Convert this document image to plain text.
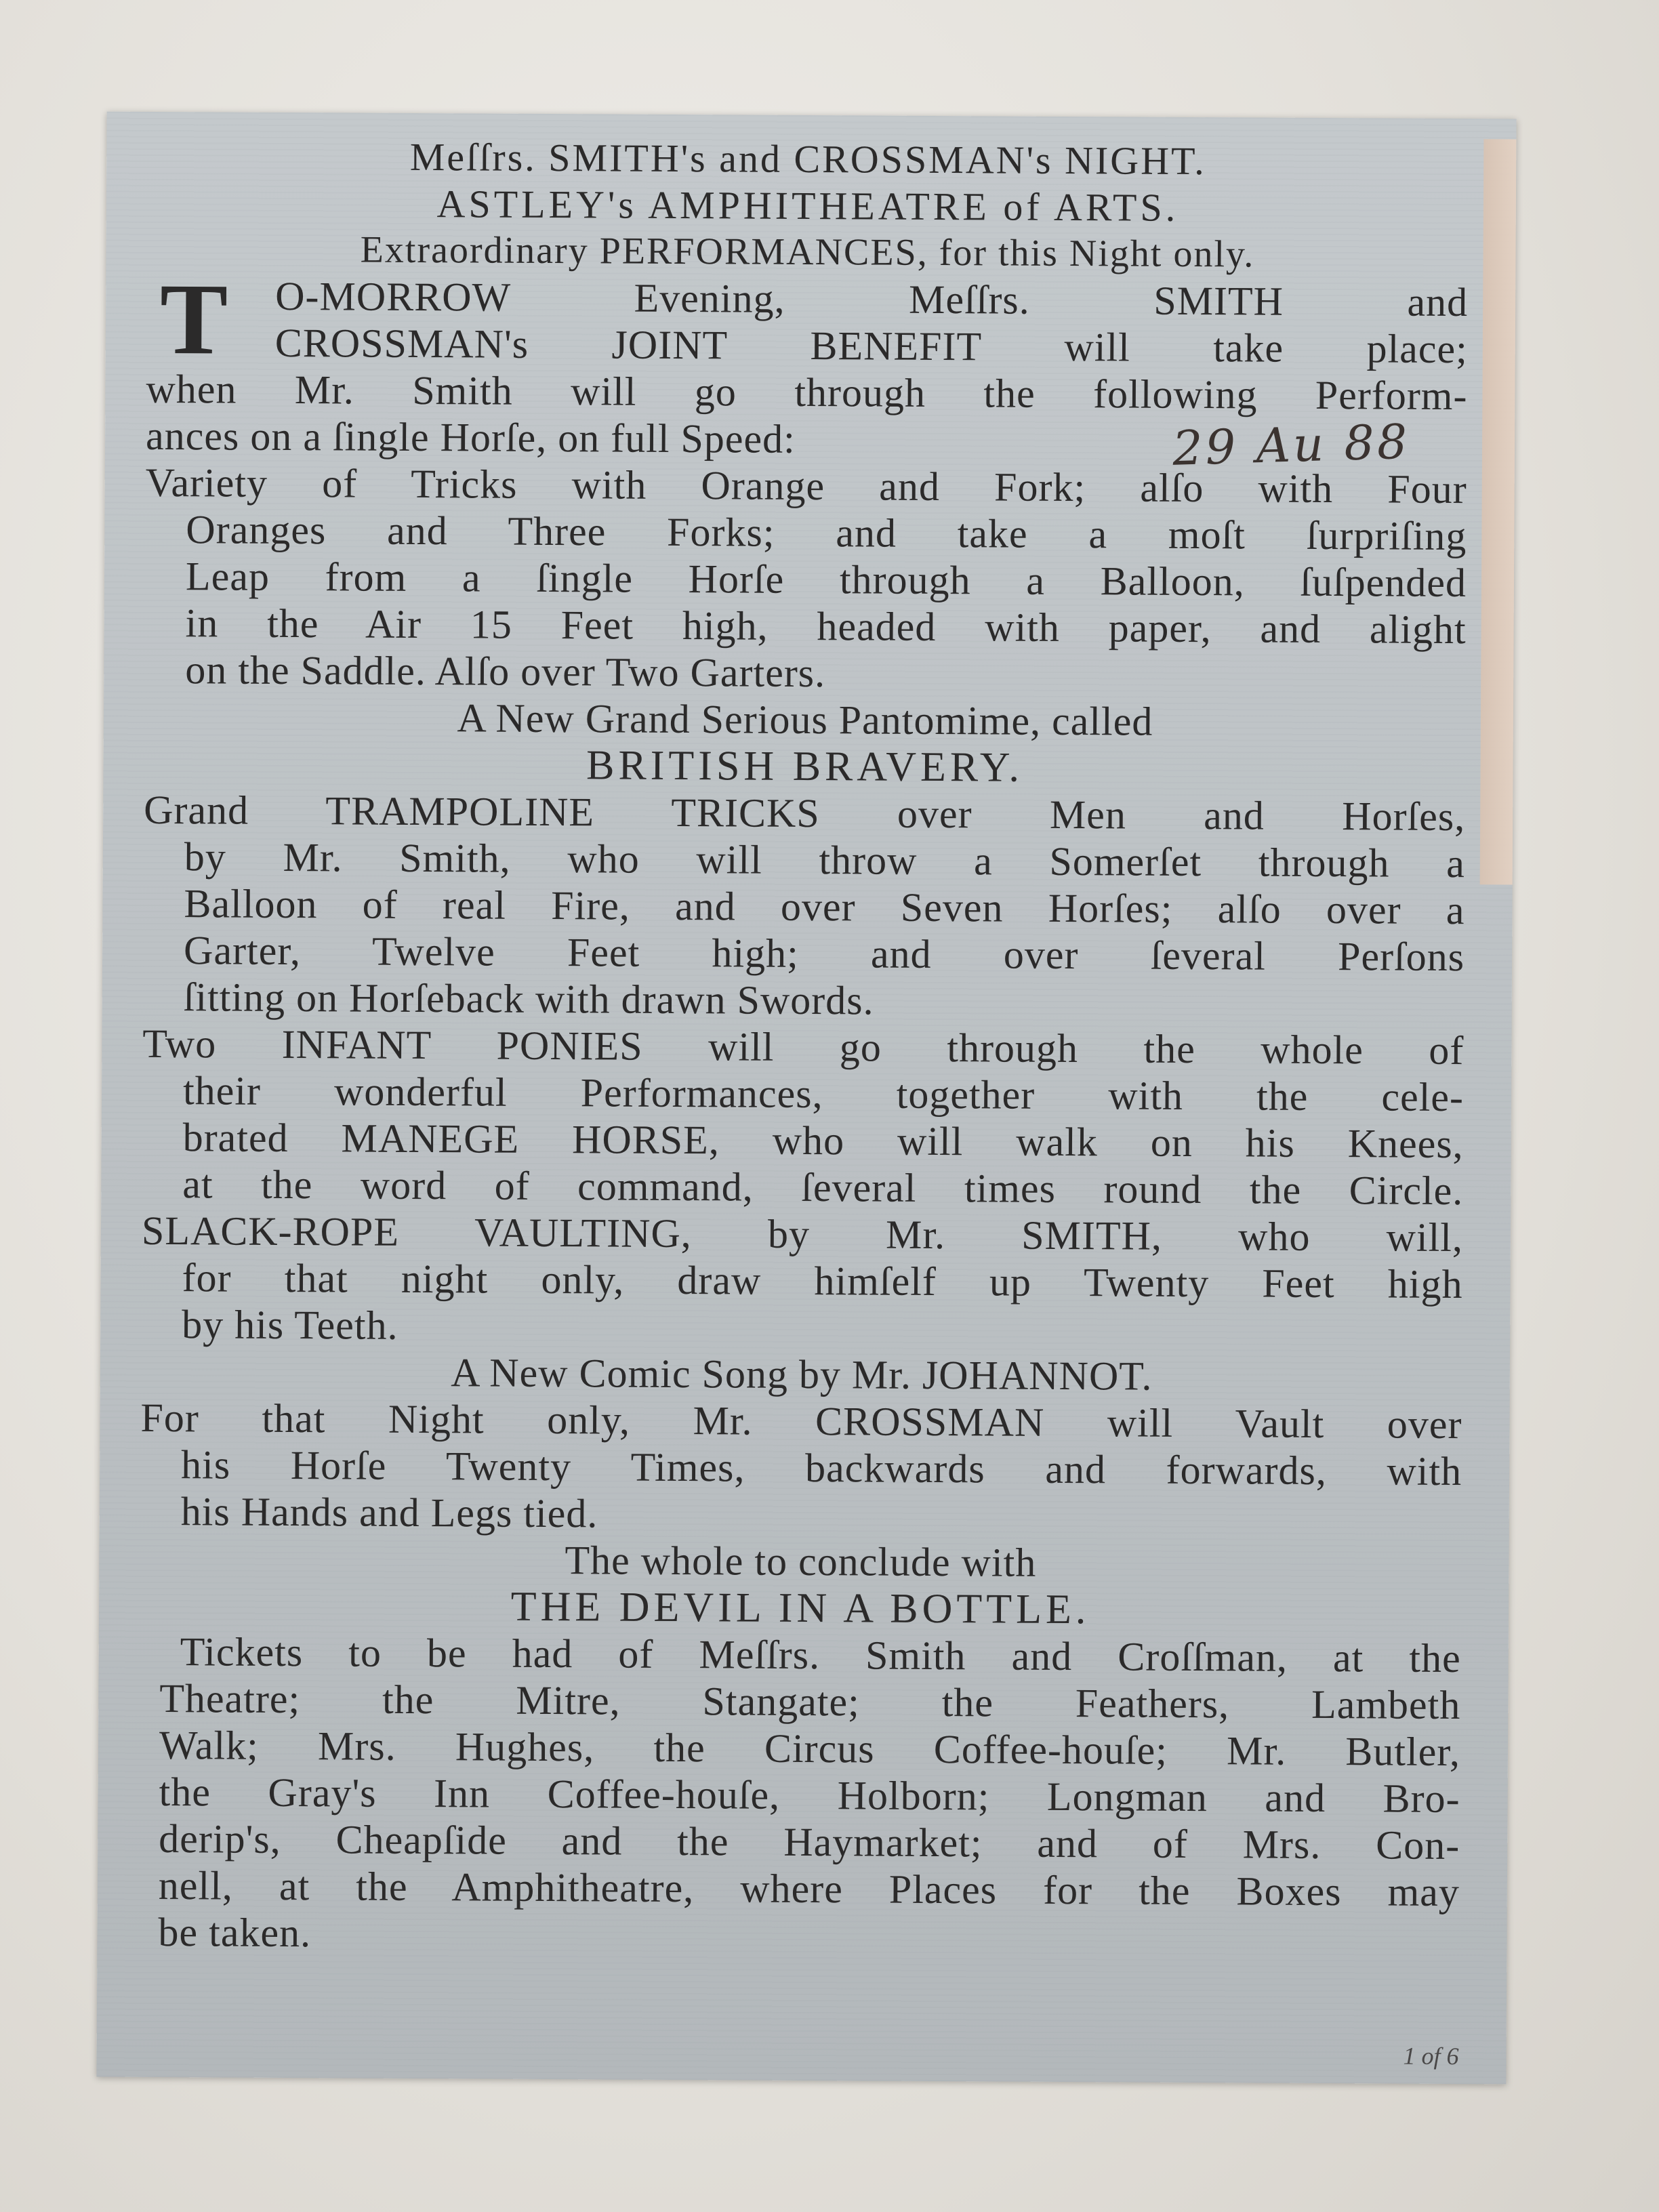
Meſſrs. SMITH's and CROSSMAN's NIGHT.
ASTLEY's AMPHITHEATRE of ARTS.
Extraordinary PERFORMANCES, for this Night only.
T O-MORROW Evening, Meſſrs. SMITH and
CROSSMAN's JOINT BENEFIT will take place;
when Mr. Smith will go through the following Perform-
ances on a ſingle Horſe, on full Speed:
Variety of Tricks with Orange and Fork; alſo with Four
Oranges and Three Forks; and take a moſt ſurpriſing
Leap from a ſingle Horſe through a Balloon, ſuſpended
in the Air 15 Feet high, headed with paper, and alight
on the Saddle. Alſo over Two Garters.
A New Grand Serious Pantomime, called
BRITISH BRAVERY.
Grand TRAMPOLINE TRICKS over Men and Horſes,
by Mr. Smith, who will throw a Somerſet through a
Balloon of real Fire, and over Seven Horſes; alſo over a
Garter, Twelve Feet high; and over ſeveral Perſons
ſitting on Horſeback with drawn Swords.
Two INFANT PONIES will go through the whole of
their wonderful Performances, together with the cele-
brated MANEGE HORSE, who will walk on his Knees,
at the word of command, ſeveral times round the Circle.
SLACK-ROPE VAULTING, by Mr. SMITH, who will,
for that night only, draw himſelf up Twenty Feet high
by his Teeth.
A New Comic Song by Mr. JOHANNOT.
For that Night only, Mr. CROSSMAN will Vault over
his Horſe Twenty Times, backwards and forwards, with
his Hands and Legs tied.
The whole to conclude with
THE DEVIL IN A BOTTLE.
Tickets to be had of Meſſrs. Smith and Croſſman, at the
Theatre; the Mitre, Stangate; the Feathers, Lambeth
Walk; Mrs. Hughes, the Circus Coffee-houſe; Mr. Butler,
the Gray's Inn Coffee-houſe, Holborn; Longman and Bro-
derip's, Cheapſide and the Haymarket; and of Mrs. Con-
nell, at the Amphitheatre, where Places for the Boxes may
be taken.
29 Au 88
1 of 6
